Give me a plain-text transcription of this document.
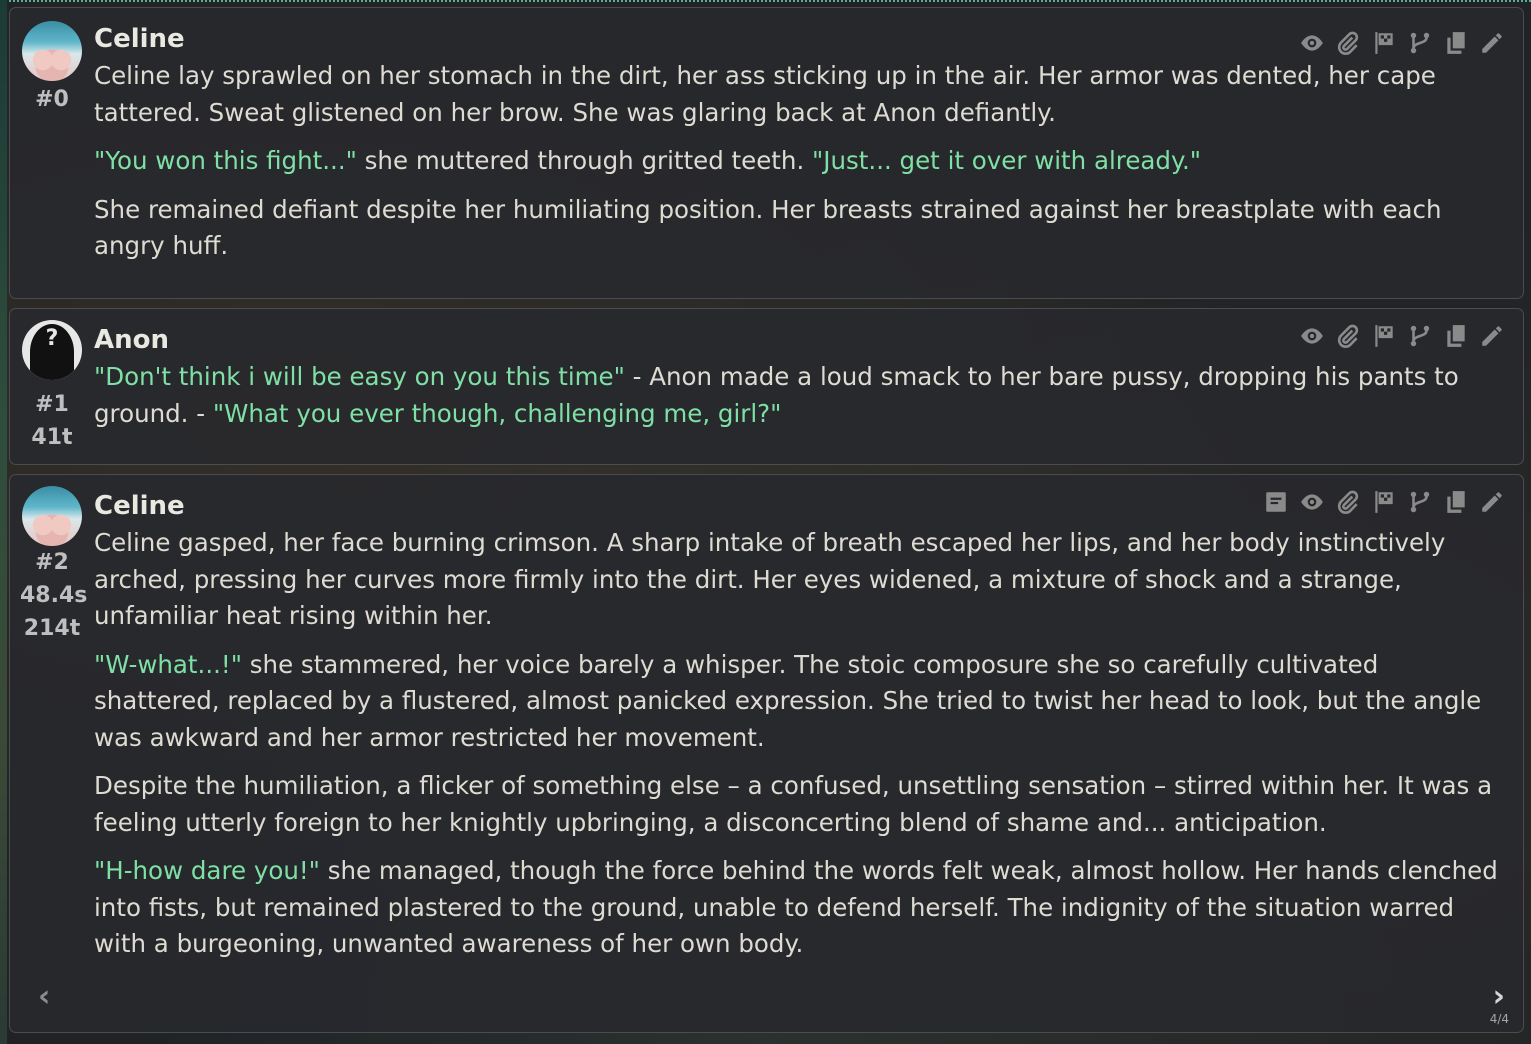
#0
Celine

Celine lay sprawled on her stomach in the dirt, her ass sticking up in the air. Her armor was dented, her cape tattered. Sweat glistened on her brow. She was glaring back at Anon defiantly.

"You won this fight..." she muttered through gritted teeth. "Just... get it over with already."

She remained defiant despite her humiliating position. Her breasts strained against her breastplate with each angry huff.

?
#1
41t
Anon

"Don't think i will be easy on you this time" - Anon made a loud smack to her bare pussy, dropping his pants to ground. - "What you ever though, challenging me, girl?"

#2
48.4s
214t
Celine

Celine gasped, her face burning crimson. A sharp intake of breath escaped her lips, and her body instinctively arched, pressing her curves more firmly into the dirt. Her eyes widened, a mixture of shock and a strange, unfamiliar heat rising within her.

"W-what...!" she stammered, her voice barely a whisper. The stoic composure she so carefully cultivated shattered, replaced by a flustered, almost panicked expression. She tried to twist her head to look, but the angle was awkward and her armor restricted her movement.

Despite the humiliation, a flicker of something else – a confused, unsettling sensation – stirred within her. It was a feeling utterly foreign to her knightly upbringing, a disconcerting blend of shame and... anticipation.

"H-how dare you!" she managed, though the force behind the words felt weak, almost hollow. Her hands clenched into fists, but remained plastered to the ground, unable to defend herself. The indignity of the situation warred with a burgeoning, unwanted awareness of her own body.

‹	›
4/4
